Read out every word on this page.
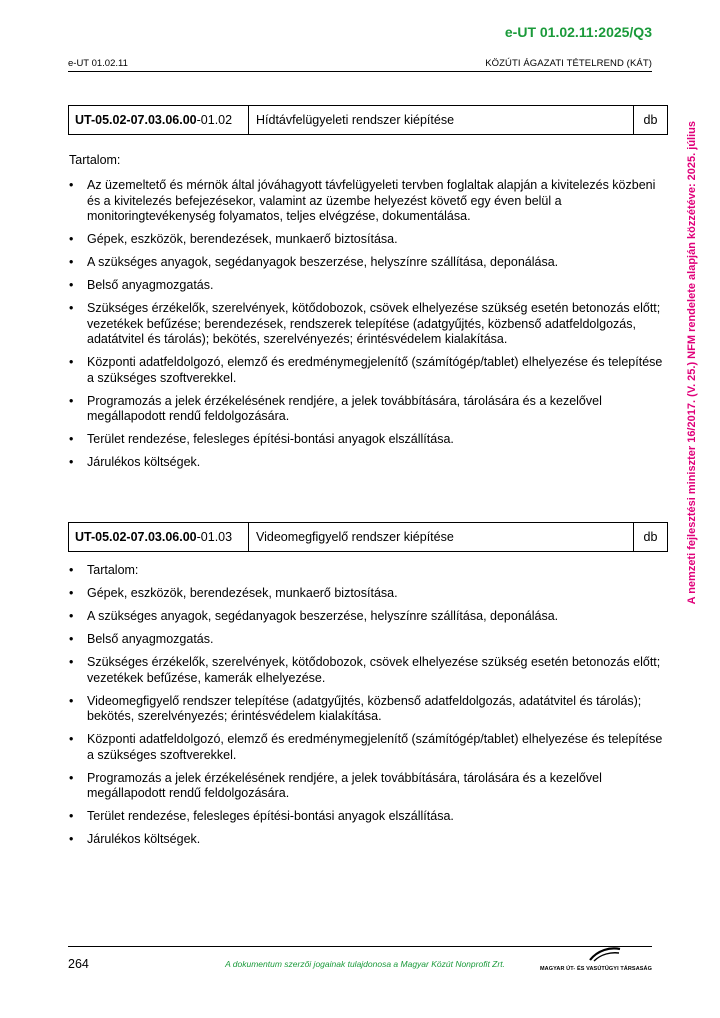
e-UT 01.02.11:2025/Q3
e-UT 01.02.11	KÖZÚTI ÁGAZATI TÉTELREND (KÁT)
UT-05.02-07.03.06.00 -01.02	Hídtávfelügyeleti rendszer kiépítése	db
Tartalom:
• Az üzemeltető és mérnök által jóváhagyott távfelügyeleti tervben foglaltak alapján a kivitelezés közbeni és a kivitelezés befejezésekor, valamint az üzembe helyezést követő egy éven belül a monitoringtevékenység folyamatos, teljes elvégzése, dokumentálása.
• Gépek, eszközök, berendezések, munkaerő biztosítása.
• A szükséges anyagok, segédanyagok beszerzése, helyszínre szállítása, deponálása.
• Belső anyagmozgatás.
• Szükséges érzékelők, szerelvények, kötődobozok, csövek elhelyezése szükség esetén betonozás előtt; vezetékek befűzése; berendezések, rendszerek telepítése (adatgyűjtés, közbenső adatfeldolgozás, adatátvitel és tárolás); bekötés, szerelvényezés; érintésvédelem kialakítása.
• Központi adatfeldolgozó, elemző és eredménymegjelenítő (számítógép/tablet) elhelyezése és telepítése a szükséges szoftverekkel.
• Programozás a jelek érzékelésének rendjére, a jelek továbbítására, tárolására és a kezelővel megállapodott rendű feldolgozására.
• Terület rendezése, felesleges építési-bontási anyagok elszállítása.
• Járulékos költségek.
UT-05.02-07.03.06.00 -01.03	Videomegfigyelő rendszer kiépítése	db
• Tartalom:
• Gépek, eszközök, berendezések, munkaerő biztosítása.
• A szükséges anyagok, segédanyagok beszerzése, helyszínre szállítása, deponálása.
• Belső anyagmozgatás.
• Szükséges érzékelők, szerelvények, kötődobozok, csövek elhelyezése szükség esetén betonozás előtt; vezetékek befűzése, kamerák elhelyezése.
• Videomegfigyelő rendszer telepítése (adatgyűjtés, közbenső adatfeldolgozás, adatátvitel és tárolás); bekötés, szerelvényezés; érintésvédelem kialakítása.
• Központi adatfeldolgozó, elemző és eredménymegjelenítő (számítógép/tablet) elhelyezése és telepítése a szükséges szoftverekkel.
• Programozás a jelek érzékelésének rendjére, a jelek továbbítására, tárolására és a kezelővel megállapodott rendű feldolgozására.
• Terület rendezése, felesleges építési-bontási anyagok elszállítása.
• Járulékos költségek.
A nemzeti fejlesztési miniszter 16/2017. (V. 25.) NFM rendelete alapján közzétéve: 2025. július
264	A dokumentum szerzői jogainak tulajdonosa a Magyar Közút Nonprofit Zrt.	MAGYAR ÚT- ÉS VASÚTÜGYI TÁRSASÁG
